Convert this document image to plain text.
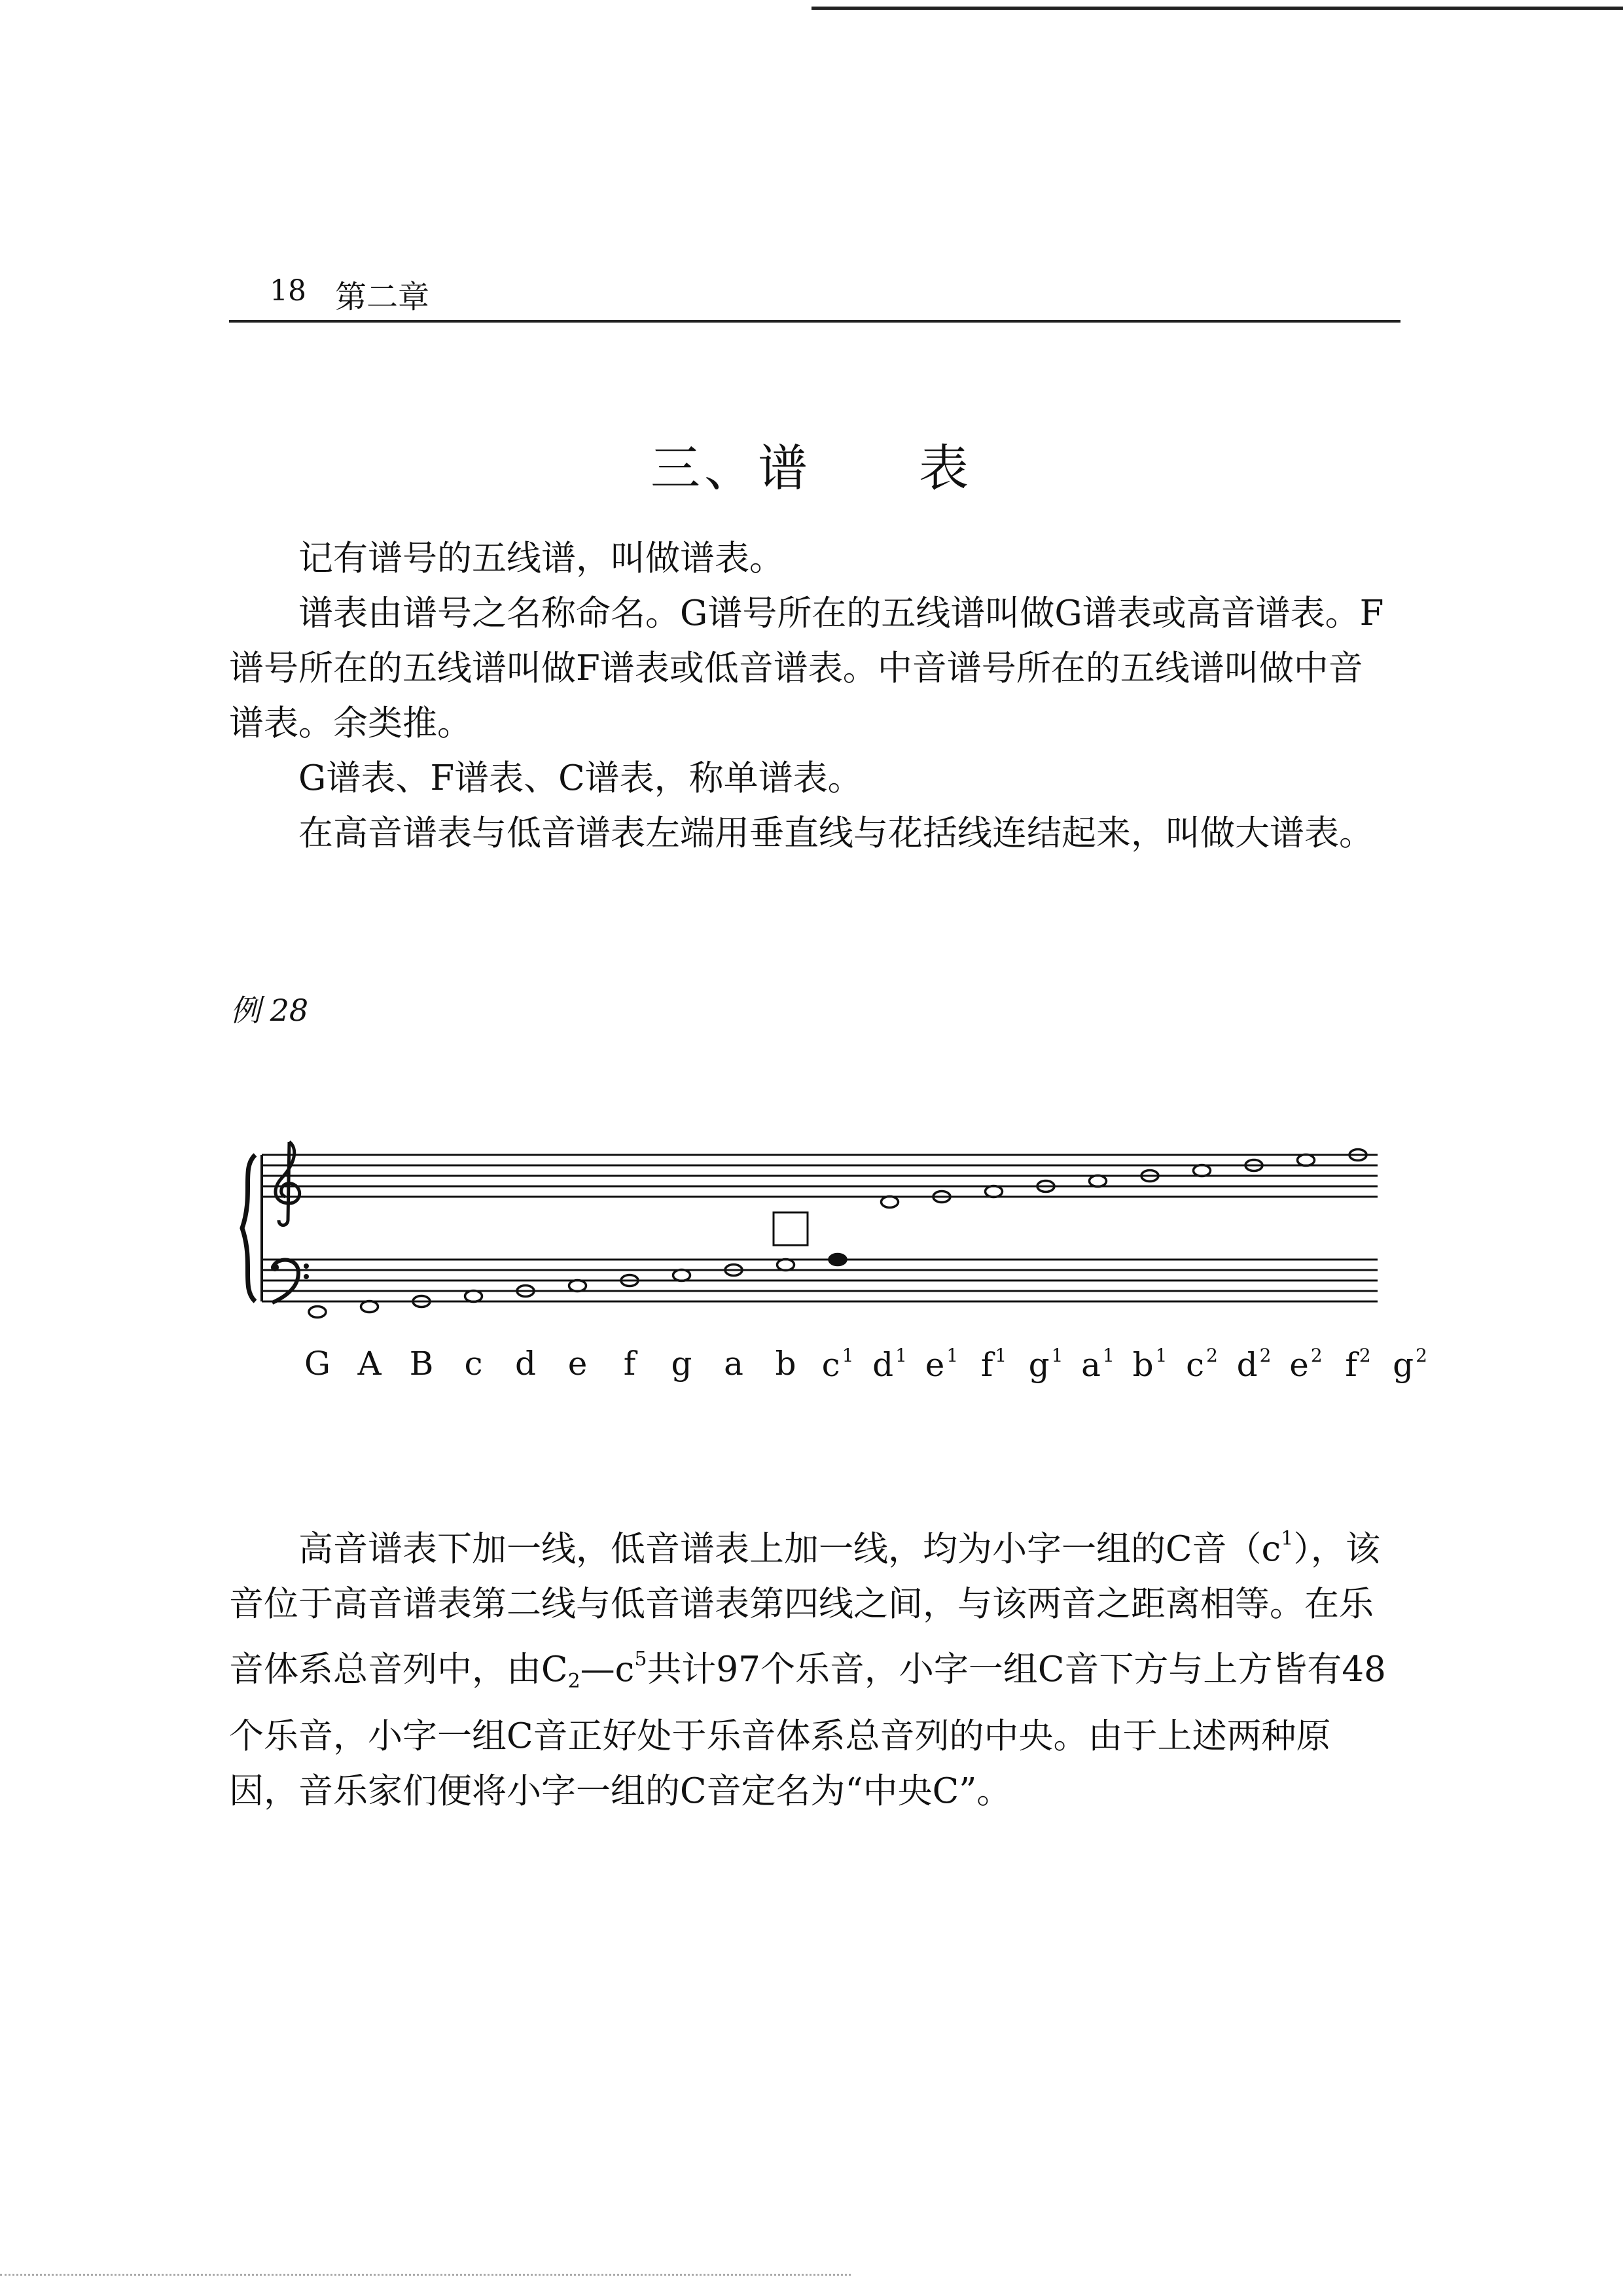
18 第二章
三、谱　　表

记有谱号的五线谱，叫做谱表。

谱表由谱号之名称命名。G谱号所在的五线谱叫做G谱表或高音谱表。F谱号所在的五线谱叫做F谱表或低音谱表。中音谱号所在的五线谱叫做中音谱表。余类推。

G谱表、F谱表、C谱表，称单谱表。

在高音谱表与低音谱表左端用垂直线与花括线连结起来，叫做大谱表。

例 28
G A B c d e f g a b c $^1$ d $^1$ e $^1$ f $^1$ g $^1$ a $^1$ b $^1$ c $^2$ d $^2$ e $^2$ f $^2$ g $^2$

高音谱表下加一线，低音谱表上加一线，均为小字一组的C音$(c^1)$，该音位于高音谱表第二线与低音谱表第四线之间，与该两音之距离相等。在乐音体系总音列中，由$C_2—c^5$共计97个乐音，小字一组C音下方与上方皆有48个乐音，小字一组C音正好处于乐音体系总音列的中央。由于上述两种原因，音乐家们便将小字一组的C音定名为“中央C”。
